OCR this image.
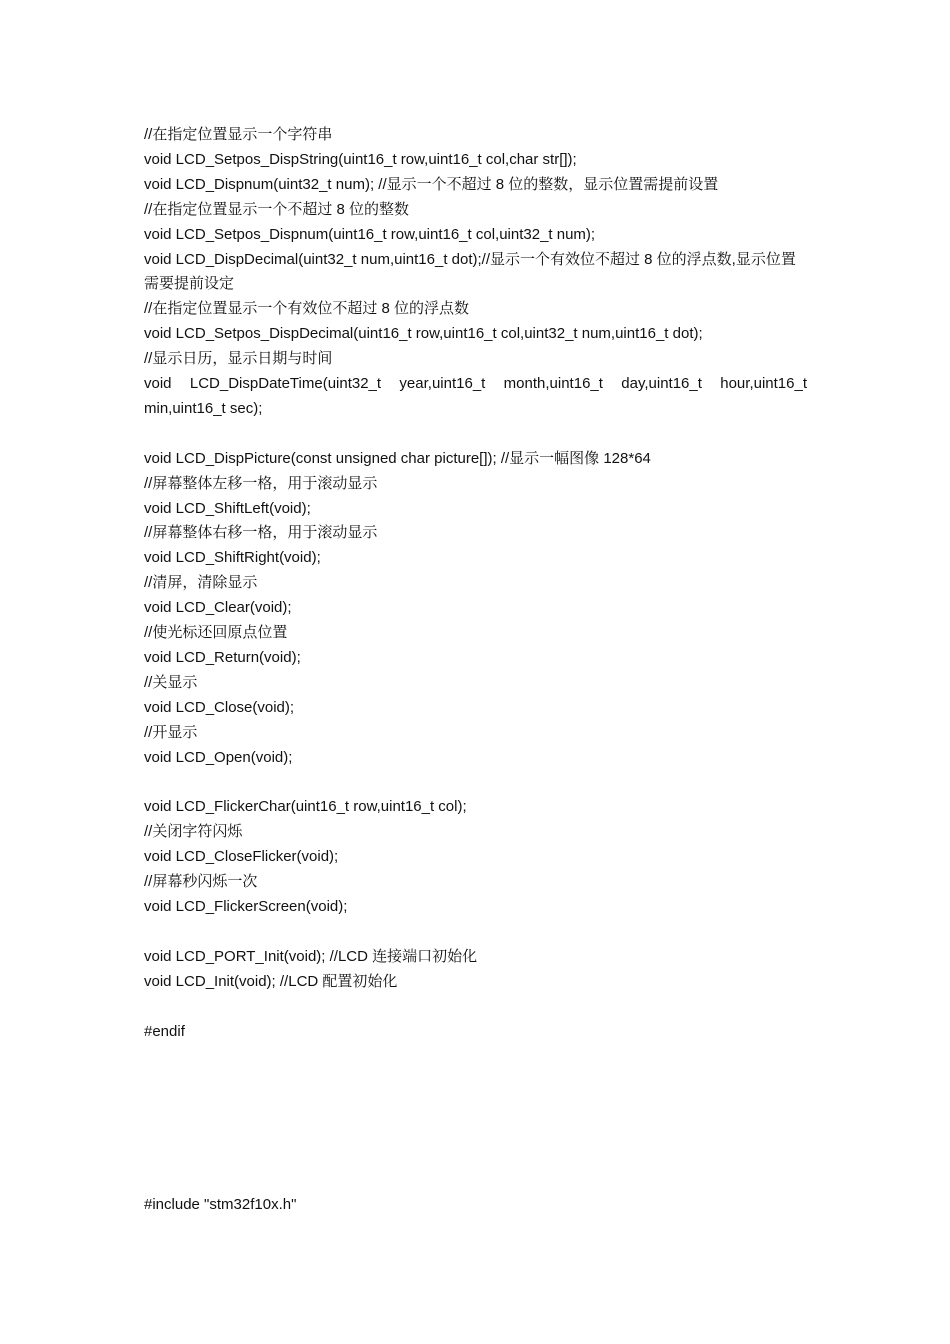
//在指定位置显示一个字符串
void LCD_Setpos_DispString(uint16_t row,uint16_t col,char str[]);
void LCD_Dispnum(uint32_t num); //显示一个不超过 8 位的整数，显示位置需提前设置
//在指定位置显示一个不超过 8 位的整数
void LCD_Setpos_Dispnum(uint16_t row,uint16_t col,uint32_t num);
void LCD_DispDecimal(uint32_t num,uint16_t dot);//显示一个有效位不超过 8 位的浮点数,显示位置需要提前设定
//在指定位置显示一个有效位不超过 8 位的浮点数
void LCD_Setpos_DispDecimal(uint16_t row,uint16_t col,uint32_t num,uint16_t dot);
//显示日历，显示日期与时间
void LCD_DispDateTime(uint32_t year,uint16_t month,uint16_t day,uint16_t hour,uint16_t min,uint16_t sec);
void LCD_DispPicture(const unsigned char picture[]); //显示一幅图像 128*64
//屏幕整体左移一格，用于滚动显示
void LCD_ShiftLeft(void);
//屏幕整体右移一格，用于滚动显示
void LCD_ShiftRight(void);
//清屏，清除显示
void LCD_Clear(void);
//使光标还回原点位置
void LCD_Return(void);
//关显示
void LCD_Close(void);
//开显示
void LCD_Open(void);
void LCD_FlickerChar(uint16_t row,uint16_t col);
//关闭字符闪烁
void LCD_CloseFlicker(void);
//屏幕秒闪烁一次
void LCD_FlickerScreen(void);
void LCD_PORT_Init(void); //LCD 连接端口初始化
void LCD_Init(void); //LCD 配置初始化
#endif
#include "stm32f10x.h"
